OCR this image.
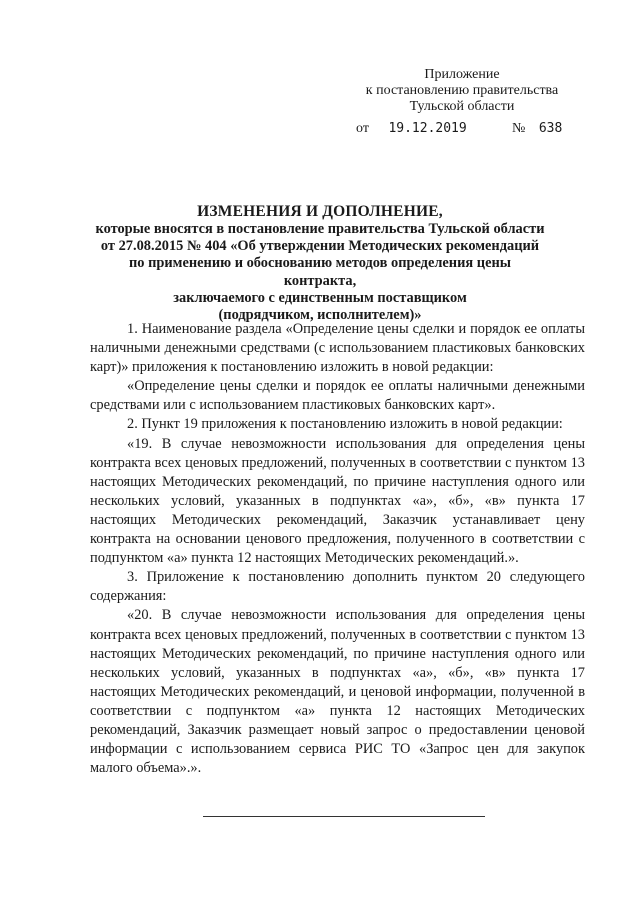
Приложение
к постановлению правительства
Тульской области
от 19.12.2019	№ 638
ИЗМЕНЕНИЯ И ДОПОЛНЕНИЕ,
которые вносятся в постановление правительства Тульской области
от 27.08.2015 № 404 «Об утверждении Методических рекомендаций
по применению и обоснованию методов определения цены контракта,
заключаемого с единственным поставщиком
(подрядчиком, исполнителем)»

1. Наименование раздела «Определение цены сделки и порядок ее оплаты наличными денежными средствами (с использованием пластиковых банковских карт)» приложения к постановлению изложить в новой редакции:

«Определение цены сделки и порядок ее оплаты наличными денежными средствами или с использованием пластиковых банковских карт».

2. Пункт 19 приложения к постановлению изложить в новой редакции:

«19. В случае невозможности использования для определения цены контракта всех ценовых предложений, полученных в соответствии с пунктом 13 настоящих Методических рекомендаций, по причине наступления одного или нескольких условий, указанных в подпунктах «а», «б», «в» пункта 17 настоящих Методических рекомендаций, Заказчик устанавливает цену контракта на основании ценового предложения, полученного в соответствии с подпунктом «а» пункта 12 настоящих Методических рекомендаций.».

3. Приложение к постановлению дополнить пунктом 20 следующего содержания:

«20. В случае невозможности использования для определения цены контракта всех ценовых предложений, полученных в соответствии с пунктом 13 настоящих Методических рекомендаций, по причине наступления одного или нескольких условий, указанных в подпунктах «а», «б», «в» пункта 17 настоящих Методических рекомендаций, и ценовой информации, полученной в соответствии с подпунктом «а» пункта 12 настоящих Методических рекомендаций, Заказчик размещает новый запрос о предоставлении ценовой информации с использованием сервиса РИС ТО «Запрос цен для закупок малого объема».».
